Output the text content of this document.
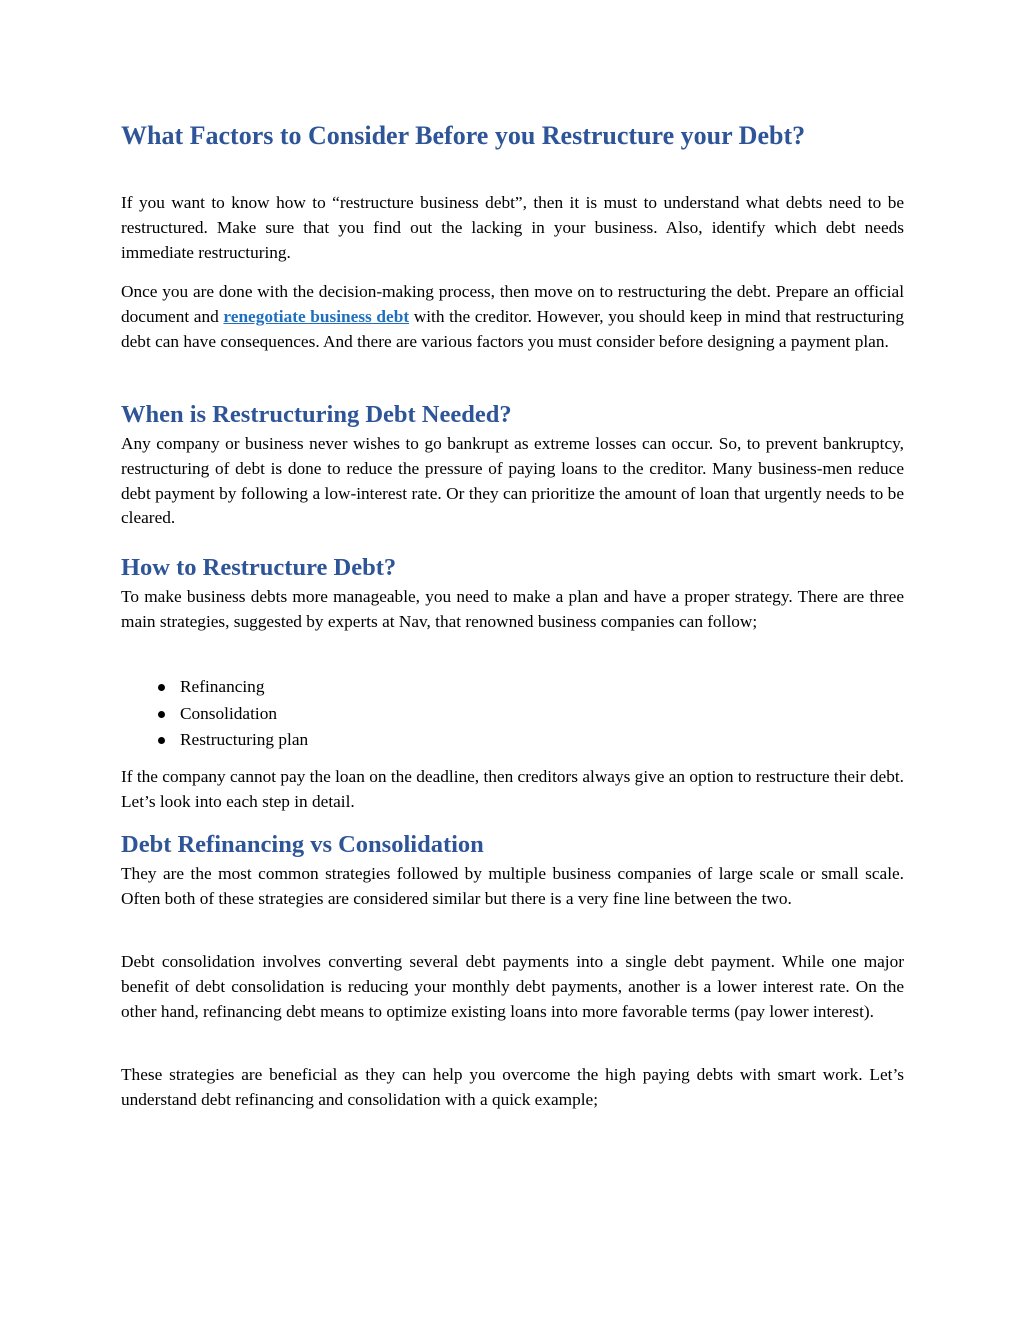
What Factors to Consider Before you Restructure your Debt?

If you want to know how to “restructure business debt”, then it is must to understand what debts need to be restructured. Make sure that you find out the lacking in your business. Also, identify which debt needs immediate restructuring.

Once you are done with the decision-making process, then move on to restructuring the debt. Prepare an official document and renegotiate business debt with the creditor. However, you should keep in mind that restructuring debt can have consequences. And there are various factors you must consider before designing a payment plan.

When is Restructuring Debt Needed?

Any company or business never wishes to go bankrupt as extreme losses can occur. So, to prevent bankruptcy, restructuring of debt is done to reduce the pressure of paying loans to the creditor. Many business-men reduce debt payment by following a low-interest rate. Or they can prioritize the amount of loan that urgently needs to be cleared.

How to Restructure Debt?

To make business debts more manageable, you need to make a plan and have a proper strategy. There are three main strategies, suggested by experts at Nav, that renowned business companies can follow;

Refinancing
Consolidation
Restructuring plan

If the company cannot pay the loan on the deadline, then creditors always give an option to restructure their debt. Let’s look into each step in detail.

Debt Refinancing vs Consolidation

They are the most common strategies followed by multiple business companies of large scale or small scale. Often both of these strategies are considered similar but there is a very fine line between the two.

Debt consolidation involves converting several debt payments into a single debt payment. While one major benefit of debt consolidation is reducing your monthly debt payments, another is a lower interest rate. On the other hand, refinancing debt means to optimize existing loans into more favorable terms (pay lower interest).

These strategies are beneficial as they can help you overcome the high paying debts with smart work. Let’s understand debt refinancing and consolidation with a quick example;
